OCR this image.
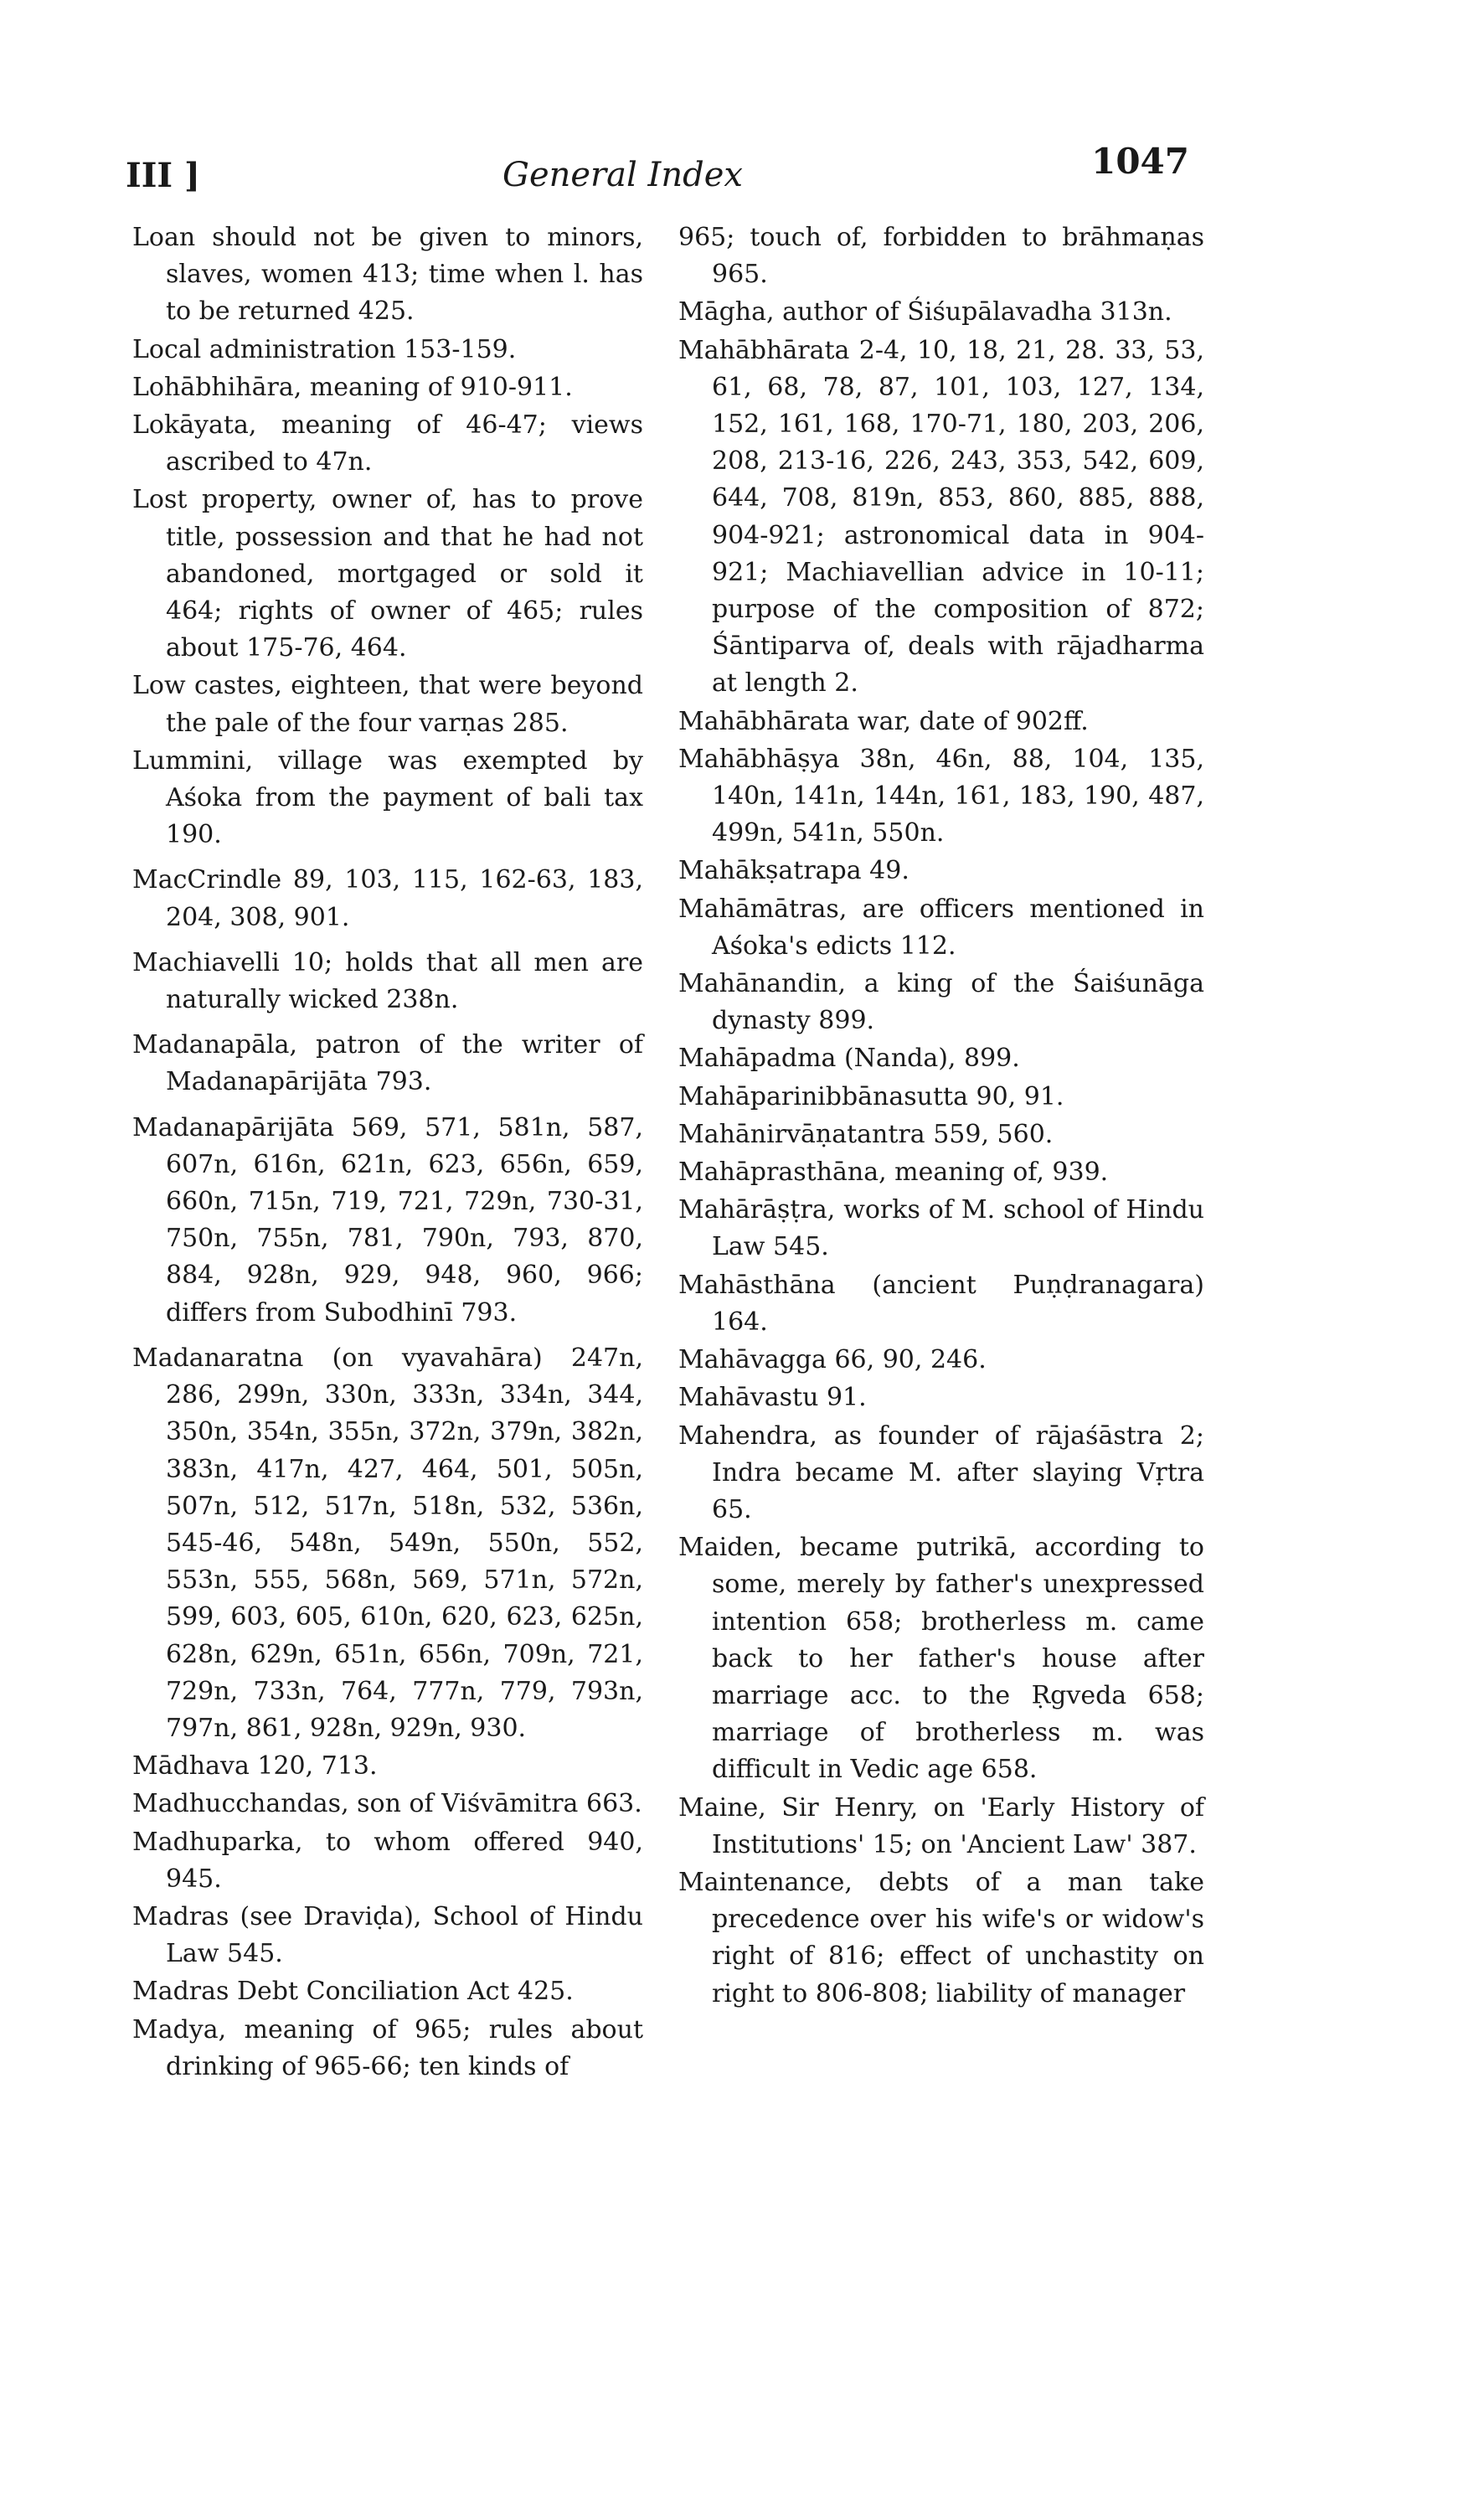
III ]	General Index	1047

Loan should not be given to minors, slaves, women 413; time when l. has to be returned 425.

Local administration 153-159.

Lohābhihāra, meaning of 910-911.

Lokāyata, meaning of 46-47; views ascribed to 47n.

Lost property, owner of, has to prove title, possession and that he had not abandoned, mortgaged or sold it 464; rights of owner of 465; rules about 175-76, 464.

Low castes, eighteen, that were beyond the pale of the four varṇas 285.

Lummini, village was exempted by Aśoka from the payment of bali tax 190.

MacCrindle 89, 103, 115, 162-63, 183, 204, 308, 901.

Machiavelli 10; holds that all men are naturally wicked 238n.

Madanapāla, patron of the writer of Madanapārijāta 793.

Madanapārijāta 569, 571, 581n, 587, 607n, 616n, 621n, 623, 656n, 659, 660n, 715n, 719, 721, 729n, 730-31, 750n, 755n, 781, 790n, 793, 870, 884, 928n, 929, 948, 960, 966; differs from Subodhinī 793.

Madanaratna (on vyavahāra) 247n, 286, 299n, 330n, 333n, 334n, 344, 350n, 354n, 355n, 372n, 379n, 382n, 383n, 417n, 427, 464, 501, 505n, 507n, 512, 517n, 518n, 532, 536n, 545-46, 548n, 549n, 550n, 552, 553n, 555, 568n, 569, 571n, 572n, 599, 603, 605, 610n, 620, 623, 625n, 628n, 629n, 651n, 656n, 709n, 721, 729n, 733n, 764, 777n, 779, 793n, 797n, 861, 928n, 929n, 930.

Mādhava 120, 713.

Madhucchandas, son of Viśvāmitra 663.

Madhuparka, to whom offered 940, 945.

Madras (see Draviḍa), School of Hindu Law 545.

Madras Debt Conciliation Act 425.

Madya, meaning of 965; rules about drinking of 965-66; ten kinds of

965; touch of, forbidden to brāhmaṇas 965.

Māgha, author of Śiśupālavadha 313n.

Mahābhārata 2-4, 10, 18, 21, 28. 33, 53, 61, 68, 78, 87, 101, 103, 127, 134, 152, 161, 168, 170-71, 180, 203, 206, 208, 213-16, 226, 243, 353, 542, 609, 644, 708, 819n, 853, 860, 885, 888, 904-921; astronomical data in 904-921; Machiavellian advice in 10-11; purpose of the composition of 872; Śāntiparva of, deals with rājadharma at length 2.

Mahābhārata war, date of 902ff.

Mahābhāṣya 38n, 46n, 88, 104, 135, 140n, 141n, 144n, 161, 183, 190, 487, 499n, 541n, 550n.

Mahākṣatrapa 49.

Mahāmātras, are officers mentioned in Aśoka's edicts 112.

Mahānandin, a king of the Śaiśunāga dynasty 899.

Mahāpadma (Nanda), 899.

Mahāparinibbānasutta 90, 91.

Mahānirvāṇatantra 559, 560.

Mahāprasthāna, meaning of, 939.

Mahārāṣṭra, works of M. school of Hindu Law 545.

Mahāsthāna (ancient Puṇḍranagara) 164.

Mahāvagga 66, 90, 246.

Mahāvastu 91.

Mahendra, as founder of rājaśāstra 2; Indra became M. after slaying Vṛtra 65.

Maiden, became putrikā, according to some, merely by father's unexpressed intention 658; brotherless m. came back to her father's house after marriage acc. to the Ṛgveda 658; marriage of brotherless m. was difficult in Vedic age 658.

Maine, Sir Henry, on 'Early History of Institutions' 15; on 'Ancient Law' 387.

Maintenance, debts of a man take precedence over his wife's or widow's right of 816; effect of unchastity on right to 806-808; liability of manager
